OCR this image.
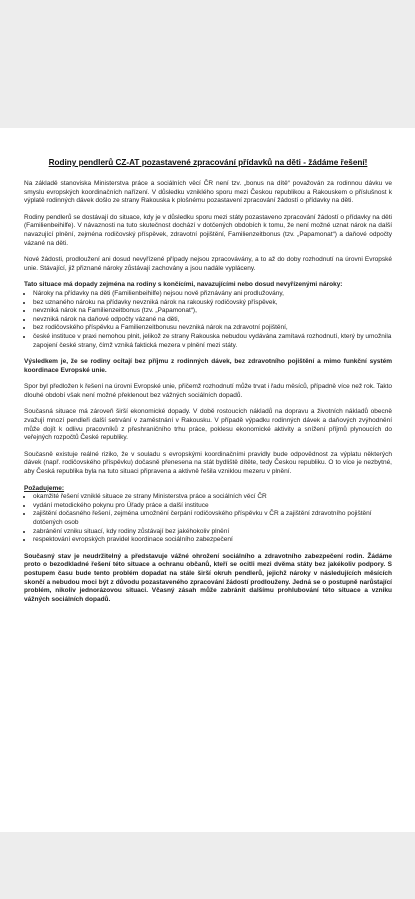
Rodiny pendlerů CZ-AT pozastavené zpracování přídavků na děti - žádáme řešení!

Na základě stanoviska Ministerstva práce a sociálních věcí ČR není tzv. „bonus na dítě“ považován za rodinnou dávku ve smyslu evropských koordinačních nařízení. V důsledku vzniklého sporu mezi Českou republikou a Rakouskem o příslušnost k výplatě rodinných dávek došlo ze strany Rakouska k plošnému pozastavení zpracování žádostí o přídavky na děti.

Rodiny pendlerů se dostávají do situace, kdy je v důsledku sporu mezi státy pozastaveno zpracování žádostí o přídavky na děti (Familienbeihilfe). V návaznosti na tuto skutečnost dochází v dotčených obdobích k tomu, že není možné uznat nárok na další navazující plnění, zejména rodičovský příspěvek, zdravotní pojištění, Familienzeitbonus (tzv. „Papamonat“) a daňové odpočty vázané na děti.

Nové žádosti, prodloužení ani dosud nevyřízené případy nejsou zpracovávány, a to až do doby rozhodnutí na úrovni Evropské unie. Stávající, již přiznané nároky zůstávají zachovány a jsou nadále vypláceny.

Tato situace má dopady zejména na rodiny s končícími, navazujícími nebo dosud nevyřízenými nároky:
• Nároky na přídavky na děti (Familienbeihilfe) nejsou nově přiznávány ani prodlužovány,
• bez uznaného nároku na přídavky nevzniká nárok na rakouský rodičovský příspěvek,
• nevzniká nárok na Familienzeitbonus (tzv. „Papamonat“),
• nevzniká nárok na daňové odpočty vázané na děti,
• bez rodičovského příspěvku a Familienzeitbonusu nevzniká nárok na zdravotní pojištění,
• české instituce v praxi nemohou plnit, jelikož ze strany Rakouska nebudou vydávána zamítavá rozhodnutí, který by umožnila zapojení české strany, čímž vzniká faktická mezera v plnění mezi státy.

Výsledkem je, že se rodiny ocitají bez příjmu z rodinných dávek, bez zdravotního pojištění a mimo funkční systém koordinace Evropské unie.

Spor byl předložen k řešení na úrovni Evropské unie, přičemž rozhodnutí může trvat i řadu měsíců, případně více než rok. Takto dlouhé období však není možné překlenout bez vážných sociálních dopadů.

Současná situace má zároveň širší ekonomické dopady. V době rostoucích nákladů na dopravu a životních nákladů obecně zvažují mnozí pendleři další setrvání v zaměstnání v Rakousku. V případě výpadku rodinných dávek a daňových zvýhodnění může dojít k odlivu pracovníků z přeshraničního trhu práce, poklesu ekonomické aktivity a snížení příjmů plynoucích do veřejných rozpočtů České republiky.

Současně existuje reálné riziko, že v souladu s evropskými koordinačními pravidly bude odpovědnost za výplatu některých dávek (např. rodičovského příspěvku) dočasně přenesena na stát bydliště dítěte, tedy Českou republiku. O to více je nezbytné, aby Česká republika byla na tuto situaci připravena a aktivně řešila vzniklou mezeru v plnění.

Požadujeme:
• okamžité řešení vzniklé situace ze strany Ministerstva práce a sociálních věcí ČR
• vydání metodického pokynu pro Úřady práce a další instituce
• zajištění dočasného řešení, zejména umožnění čerpání rodičovského příspěvku v ČR a zajištění zdravotního pojištění dotčených osob
• zabránění vzniku situací, kdy rodiny zůstávají bez jakéhokoliv plnění
• respektování evropských pravidel koordinace sociálního zabezpečení

Současný stav je neudržitelný a představuje vážné ohrožení sociálního a zdravotního zabezpečení rodin. Žádáme proto o bezodkladné řešení této situace a ochranu občanů, kteří se ocitli mezi dvěma státy bez jakékoliv podpory. S postupem času bude tento problém dopadat na stále širší okruh pendlerů, jejichž nároky v následujících měsících skončí a nebudou moci být z důvodu pozastaveného zpracování žádostí prodlouženy. Jedná se o postupně narůstající problém, nikoliv jednorázovou situaci. Včasný zásah může zabránit dalšímu prohlubování této situace a vzniku vážných sociálních dopadů.
